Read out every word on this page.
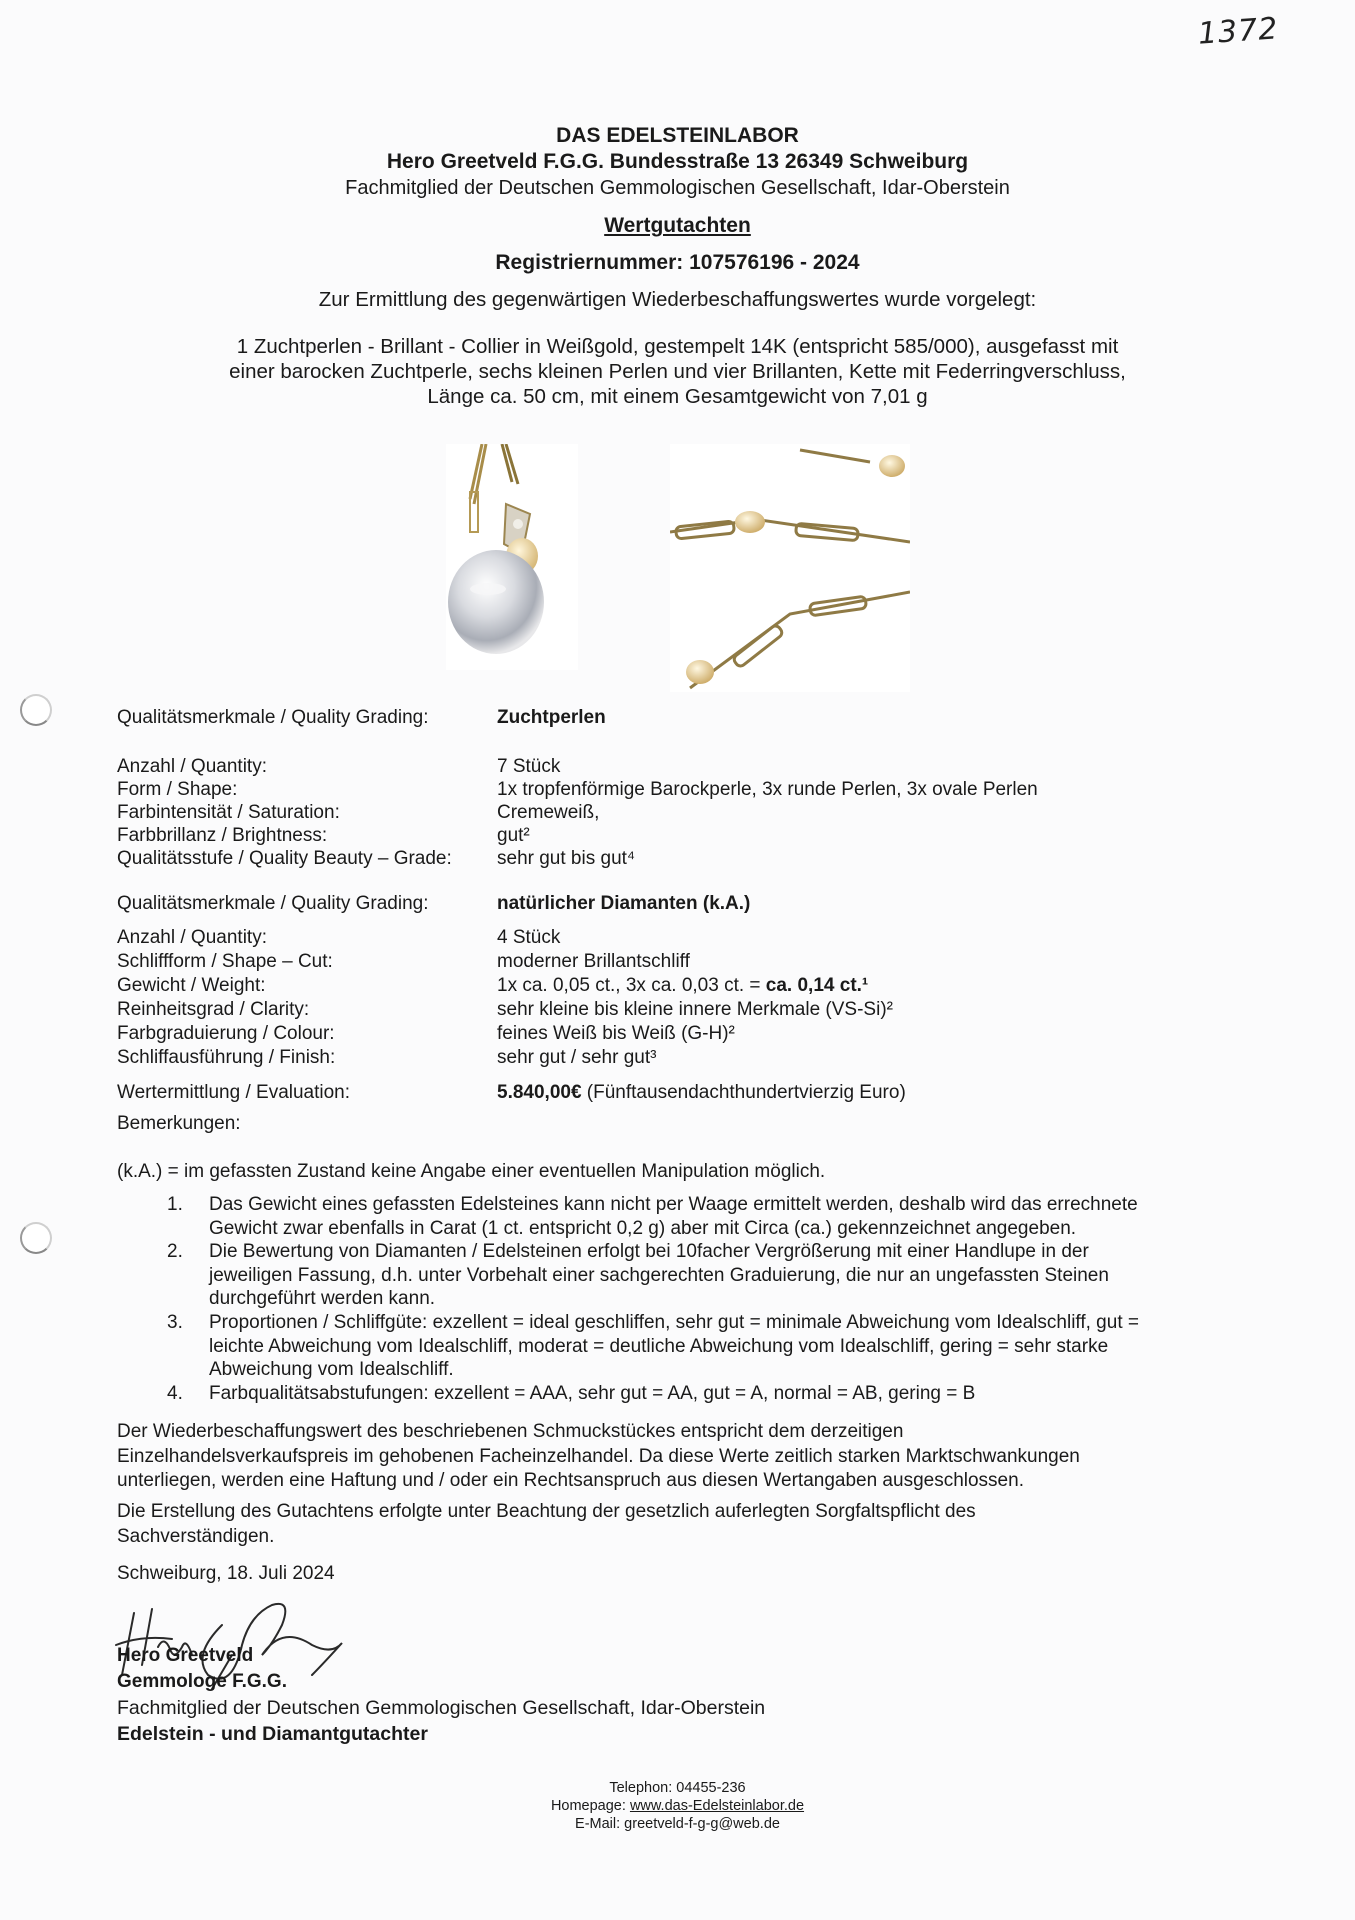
1372
DAS EDELSTEINLABOR
Hero Greetveld F.G.G. Bundesstraße 13 26349 Schweiburg
Fachmitglied der Deutschen Gemmologischen Gesellschaft, Idar-Oberstein
Wertgutachten
Registriernummer: 107576196 - 2024
Zur Ermittlung des gegenwärtigen Wiederbeschaffungswertes wurde vorgelegt:
1 Zuchtperlen - Brillant - Collier in Weißgold, gestempelt 14K (entspricht 585/000), ausgefasst mit
einer barocken Zuchtperle, sechs kleinen Perlen und vier Brillanten, Kette mit Federringverschluss,
Länge ca. 50 cm, mit einem Gesamtgewicht von 7,01 g
Qualitätsmerkmale / Quality Grading:	Zuchtperlen
Anzahl / Quantity:	7 Stück
Form / Shape:	1x tropfenförmige Barockperle, 3x runde Perlen, 3x ovale Perlen
Farbintensität / Saturation:	Cremeweiß,
Farbbrillanz / Brightness:	gut²
Qualitätsstufe / Quality Beauty – Grade: sehr gut bis gut⁴
Qualitätsmerkmale / Quality Grading:	natürlicher Diamanten (k.A.)
Anzahl / Quantity:	4 Stück
Schliffform / Shape – Cut:	moderner Brillantschliff
Gewicht / Weight:	1x ca. 0,05 ct., 3x ca. 0,03 ct. = ca. 0,14 ct.¹
Reinheitsgrad / Clarity:	sehr kleine bis kleine innere Merkmale (VS-Si)²
Farbgraduierung / Colour:	feines Weiß bis Weiß (G-H)²
Schliffausführung / Finish:	sehr gut / sehr gut³
Wertermittlung / Evaluation:	5.840,00€ (Fünftausendachthundertvierzig Euro)
Bemerkungen:
(k.A.) = im gefassten Zustand keine Angabe einer eventuellen Manipulation möglich.
1. Das Gewicht eines gefassten Edelsteines kann nicht per Waage ermittelt werden, deshalb wird das errechnete
Gewicht zwar ebenfalls in Carat (1 ct. entspricht 0,2 g) aber mit Circa (ca.) gekennzeichnet angegeben.
2. Die Bewertung von Diamanten / Edelsteinen erfolgt bei 10facher Vergrößerung mit einer Handlupe in der
jeweiligen Fassung, d.h. unter Vorbehalt einer sachgerechten Graduierung, die nur an ungefassten Steinen
durchgeführt werden kann.
3. Proportionen / Schliffgüte: exzellent = ideal geschliffen, sehr gut = minimale Abweichung vom Idealschliff, gut =
leichte Abweichung vom Idealschliff, moderat = deutliche Abweichung vom Idealschliff, gering = sehr starke
Abweichung vom Idealschliff.
4. Farbqualitätsabstufungen: exzellent = AAA, sehr gut = AA, gut = A, normal = AB, gering = B
Der Wiederbeschaffungswert des beschriebenen Schmuckstückes entspricht dem derzeitigen
Einzelhandelsverkaufspreis im gehobenen Facheinzelhandel. Da diese Werte zeitlich starken Marktschwankungen
unterliegen, werden eine Haftung und / oder ein Rechtsanspruch aus diesen Wertangaben ausgeschlossen.
Die Erstellung des Gutachtens erfolgte unter Beachtung der gesetzlich auferlegten Sorgfaltspflicht des
Sachverständigen.
Schweiburg, 18. Juli 2024
Hero Greetveld
Gemmologe F.G.G.
Fachmitglied der Deutschen Gemmologischen Gesellschaft, Idar-Oberstein
Edelstein - und Diamantgutachter
Telephon: 04455-236
Homepage: www.das-Edelsteinlabor.de
E-Mail: greetveld-f-g-g@web.de
